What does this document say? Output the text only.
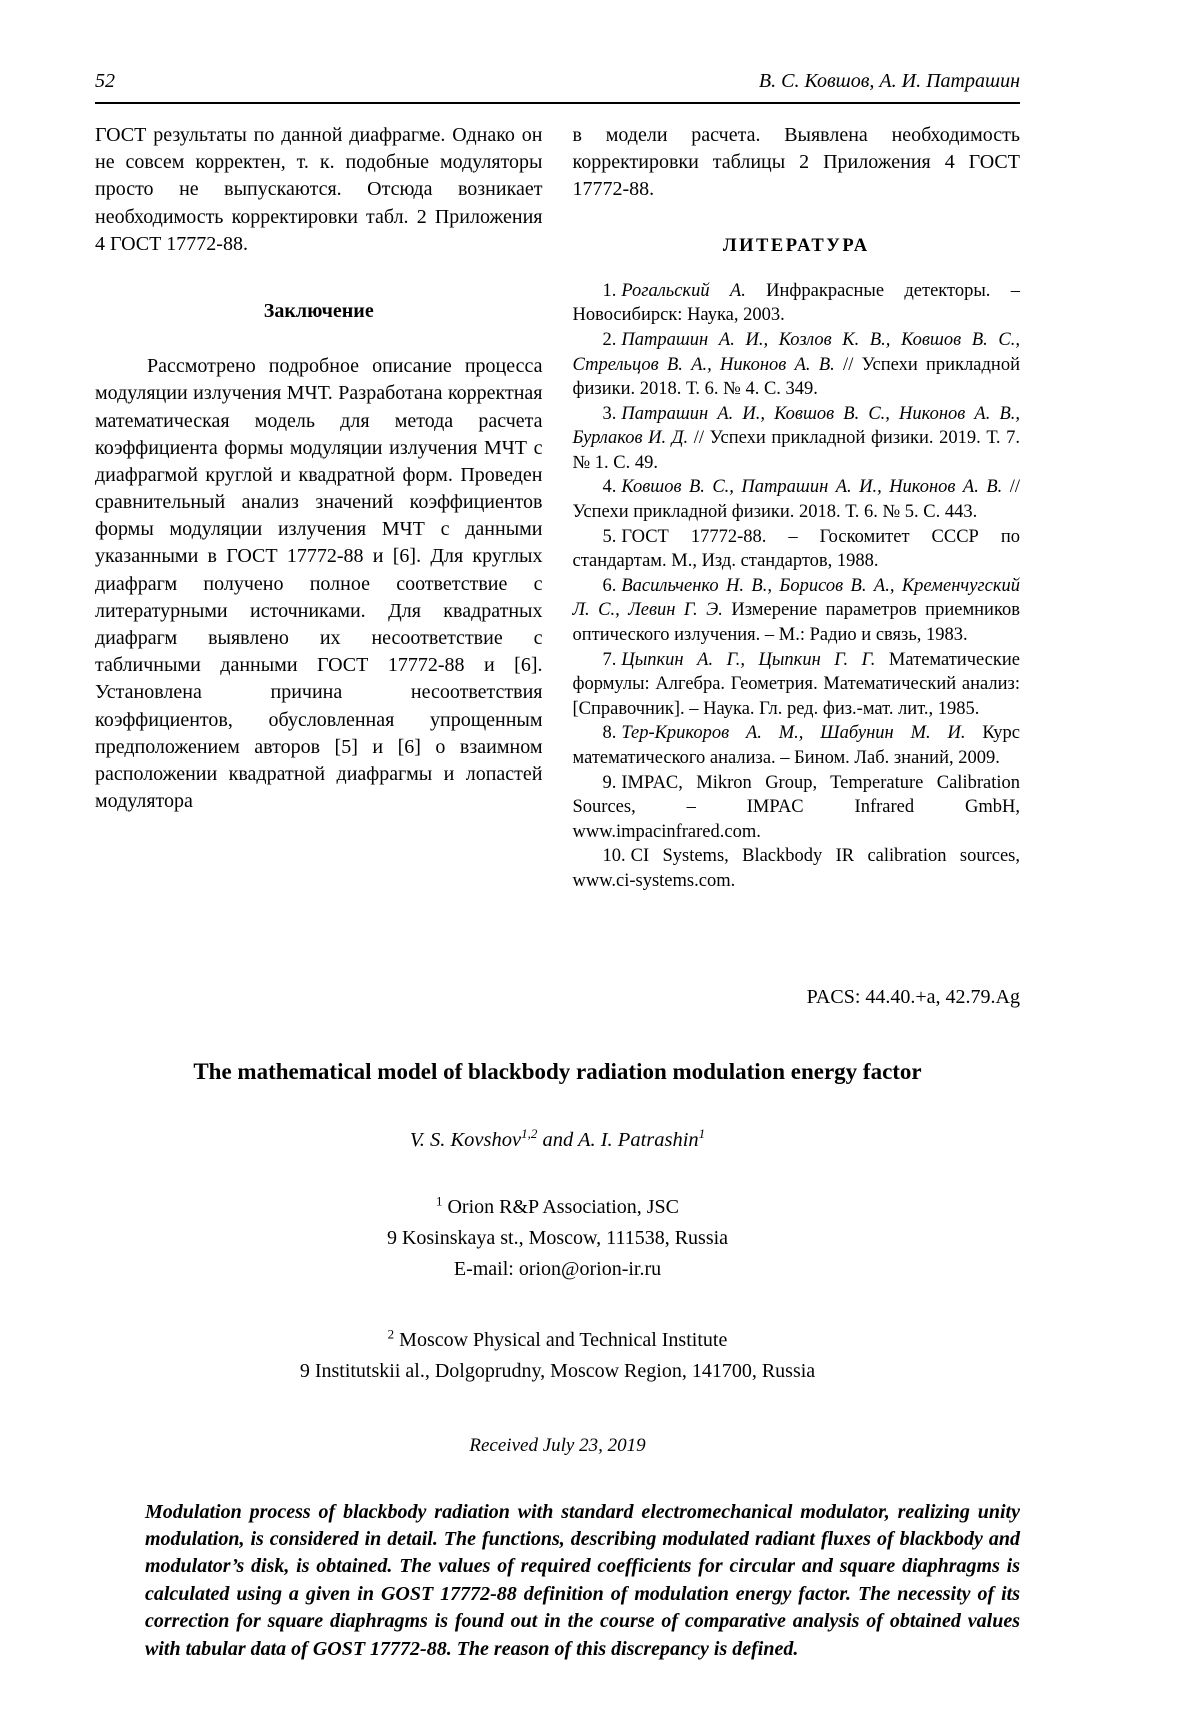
52	В. С. Ковшов, А. И. Патрашин

ГОСТ результаты по данной диафрагме. Однако он не совсем корректен, т. к. подобные модуляторы просто не выпускаются. Отсюда возникает необходимость корректировки табл. 2 Приложения 4 ГОСТ 17772-88.

Заключение

Рассмотрено подробное описание процесса модуляции излучения МЧТ. Разработана корректная математическая модель для метода расчета коэффициента формы модуляции излучения МЧТ с диафрагмой круглой и квадратной форм. Проведен сравнительный анализ значений коэффициентов формы модуляции излучения МЧТ с данными указанными в ГОСТ 17772-88 и [6]. Для круглых диафрагм получено полное соответствие с литературными источниками. Для квадратных диафрагм выявлено их несоответствие с табличными данными ГОСТ 17772-88 и [6]. Установлена причина несоответствия коэффициентов, обусловленная упрощенным предположением авторов [5] и [6] о взаимном расположении квадратной диафрагмы и лопастей модулятора

в модели расчета. Выявлена необходимость корректировки таблицы 2 Приложения 4 ГОСТ 17772-88.

ЛИТЕРАТУРА

1. Рогальский А. Инфракрасные детекторы. – Новосибирск: Наука, 2003.

2. Патрашин А. И., Козлов К. В., Ковшов В. С., Стрельцов В. А., Никонов А. В. // Успехи прикладной физики. 2018. Т. 6. № 4. С. 349.

3. Патрашин А. И., Ковшов В. С., Никонов А. В., Бурлаков И. Д. // Успехи прикладной физики. 2019. Т. 7. № 1. С. 49.

4. Ковшов В. С., Патрашин А. И., Никонов А. В. // Успехи прикладной физики. 2018. Т. 6. № 5. С. 443.

5. ГОСТ 17772-88. – Госкомитет СССР по стандартам. М., Изд. стандартов, 1988.

6. Васильченко Н. В., Борисов В. А., Кременчугский Л. С., Левин Г. Э. Измерение параметров приемников оптического излучения. – М.: Радио и связь, 1983.

7. Цыпкин А. Г., Цыпкин Г. Г. Математические формулы: Алгебра. Геометрия. Математический анализ: [Справочник]. – Наука. Гл. ред. физ.-мат. лит., 1985.

8. Тер-Крикоров А. М., Шабунин М. И. Курс математического анализа. – Бином. Лаб. знаний, 2009.

9. IMPAC, Mikron Group, Temperature Calibration Sources, – IMPAC Infrared GmbH, www.impacinfrared.com.

10. CI Systems, Blackbody IR calibration sources, www.ci-systems.com.

PACS: 44.40.+a, 42.79.Ag
The mathematical model of blackbody radiation modulation energy factor
V. S. Kovshov$^{1,2}$ and A. I. Patrashin$^1$
$^1$ Orion R&P Association, JSC
9 Kosinskaya st., Moscow, 111538, Russia
E-mail: orion@orion-ir.ru
$^2$ Moscow Physical and Technical Institute
9 Institutskii al., Dolgoprudny, Moscow Region, 141700, Russia
Received July 23, 2019
Modulation process of blackbody radiation with standard electromechanical modulator, realizing unity modulation, is considered in detail. The functions, describing modulated radiant fluxes of blackbody and modulator’s disk, is obtained. The values of required coefficients for circular and square diaphragms is calculated using a given in GOST 17772-88 definition of modulation energy factor. The necessity of its correction for square diaphragms is found out in the course of comparative analysis of obtained values with tabular data of GOST 17772-88. The reason of this discrepancy is defined.
